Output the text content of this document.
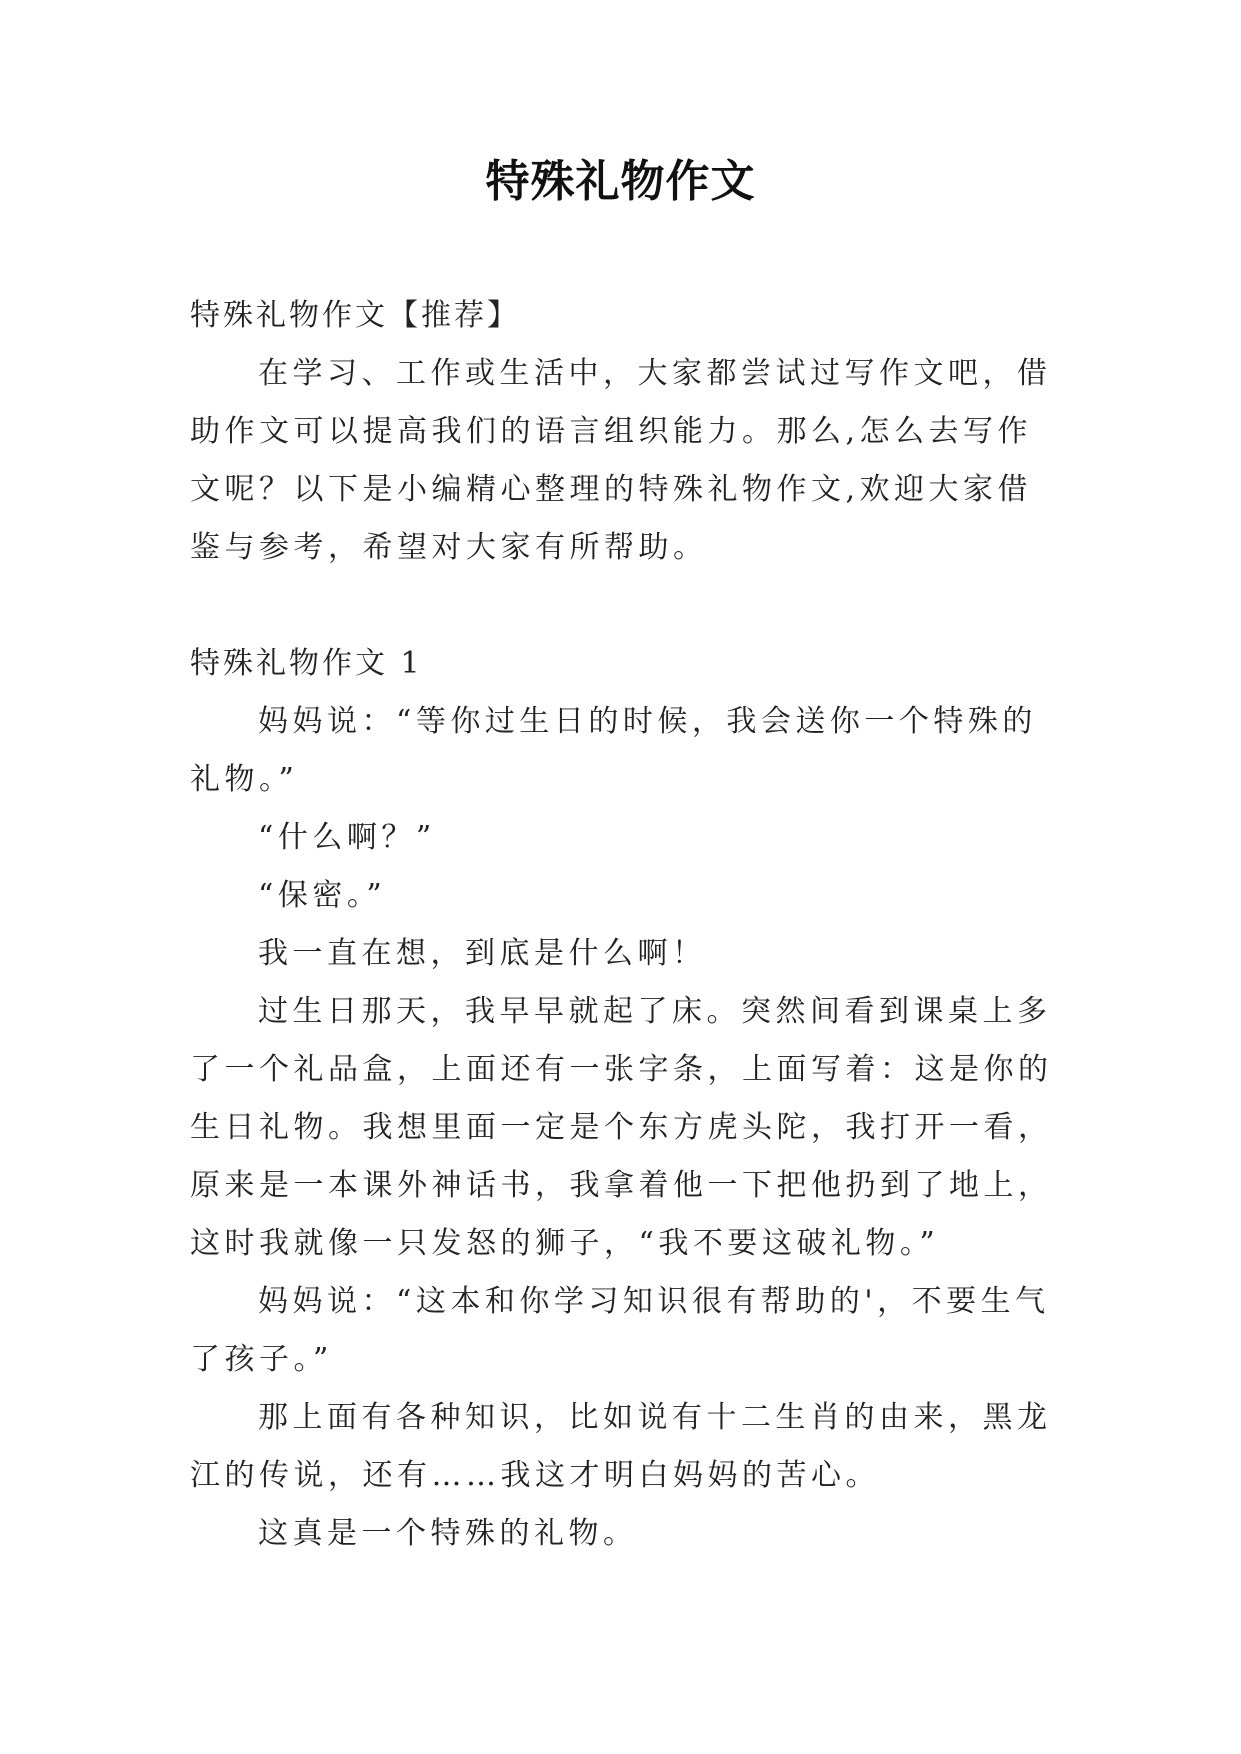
特殊礼物作文

特殊礼物作文【推荐】

在学习、工作或生活中，大家都尝试过写作文吧，借助作文可以提高我们的语言组织能力。那么,怎么去写作文呢？以下是小编精心整理的特殊礼物作文,欢迎大家借鉴与参考，希望对大家有所帮助。

特殊礼物作文 1

妈妈说：“等你过生日的时候，我会送你一个特殊的礼物。”

“什么啊？”

“保密。”

我一直在想，到底是什么啊！

过生日那天，我早早就起了床。突然间看到课桌上多了一个礼品盒，上面还有一张字条，上面写着：这是你的生日礼物。我想里面一定是个东方虎头陀，我打开一看，原来是一本课外神话书，我拿着他一下把他扔到了地上，这时我就像一只发怒的狮子，“我不要这破礼物。”

妈妈说：“这本和你学习知识很有帮助的'，不要生气了孩子。”

那上面有各种知识，比如说有十二生肖的由来，黑龙江的传说，还有……我这才明白妈妈的苦心。

这真是一个特殊的礼物。
